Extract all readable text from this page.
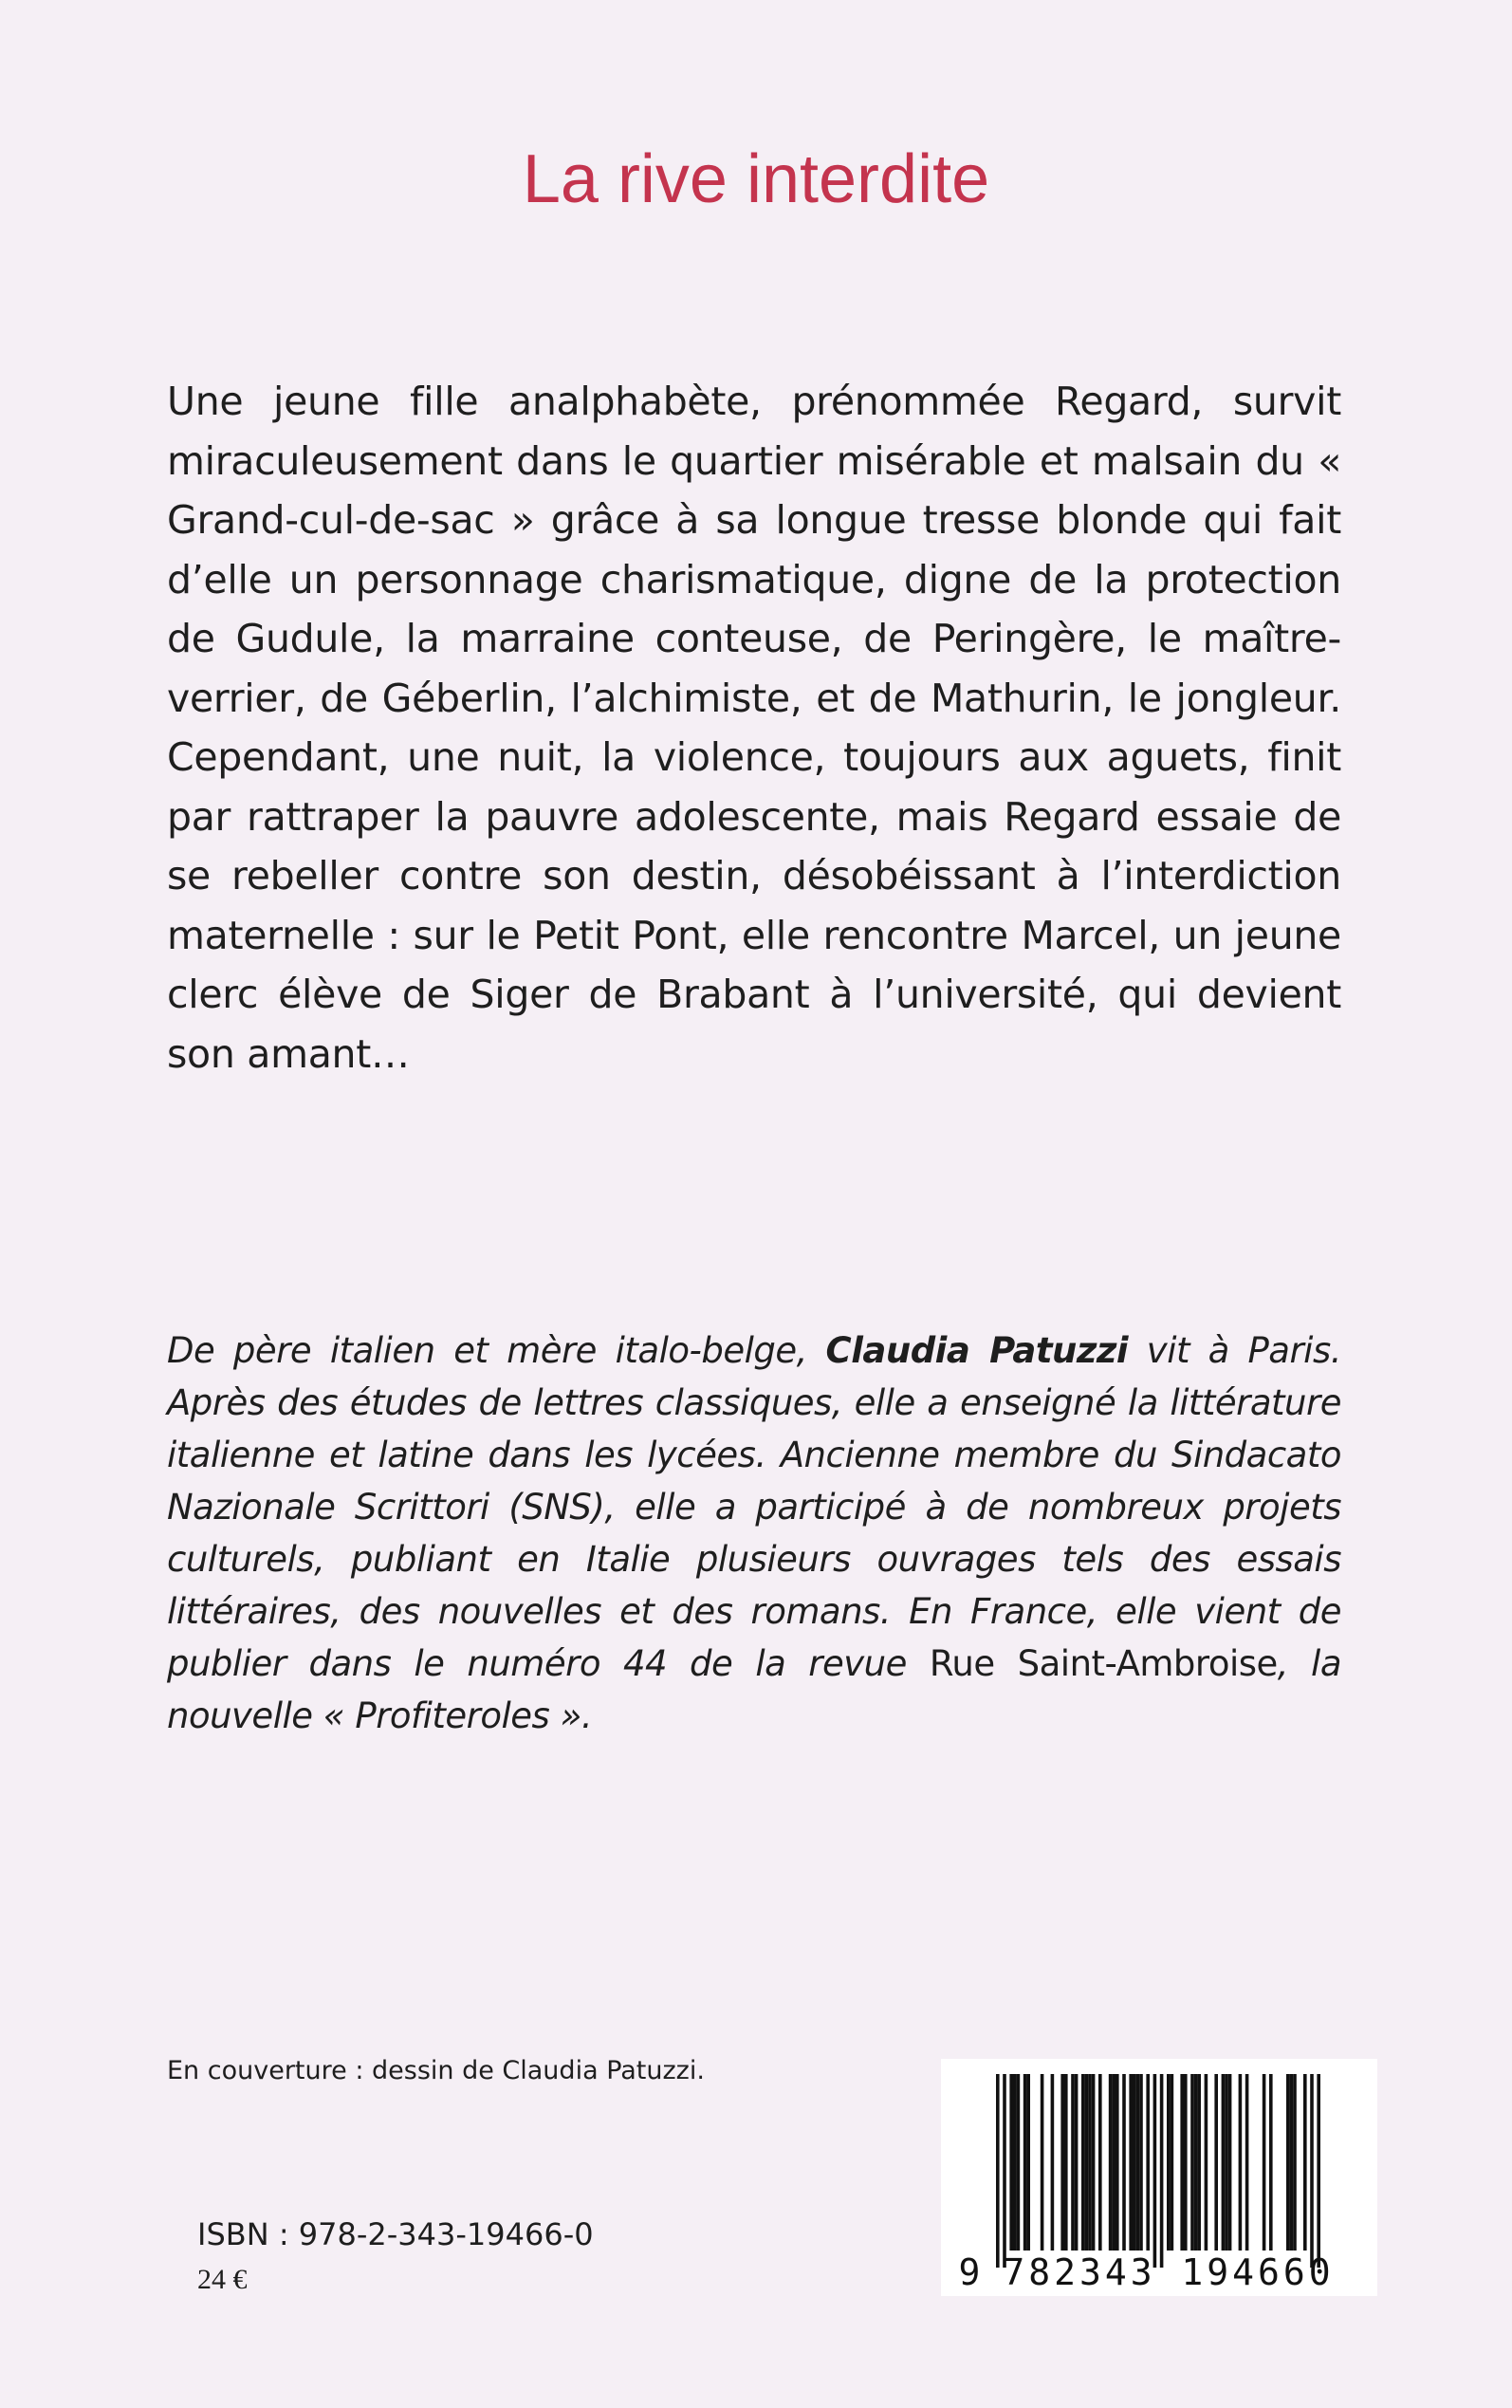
La rive interdite

Une jeune fille analphabète, prénommée Regard, survit miraculeusement dans le quartier misérable et malsain du « Grand-cul-de-sac » grâce à sa longue tresse blonde qui fait d’elle un personnage charismatique, digne de la protection de Gudule, la marraine conteuse, de Peringère, le maître-verrier, de Géberlin, l’alchimiste, et de Mathurin, le jongleur. Cependant, une nuit, la violence, toujours aux aguets, finit par rattraper la pauvre adolescente, mais Regard essaie de se rebeller contre son destin, désobéissant à l’interdiction maternelle : sur le Petit Pont, elle rencontre Marcel, un jeune clerc élève de Siger de Brabant à l’université, qui devient son amant…

De père italien et mère italo-belge, Claudia Patuzzi vit à Paris. Après des études de lettres classiques, elle a enseigné la littérature italienne et latine dans les lycées. Ancienne membre du Sindacato Nazionale Scrittori (SNS), elle a participé à de nombreux projets culturels, publiant en Italie plusieurs ouvrages tels des essais littéraires, des nouvelles et des romans. En France, elle vient de publier dans le numéro 44 de la revue Rue Saint-Ambroise, la nouvelle « Profiteroles ».

En couverture : dessin de Claudia Patuzzi.

ISBN : 978-2-343-19466-0

24 €	9 782343 194660
